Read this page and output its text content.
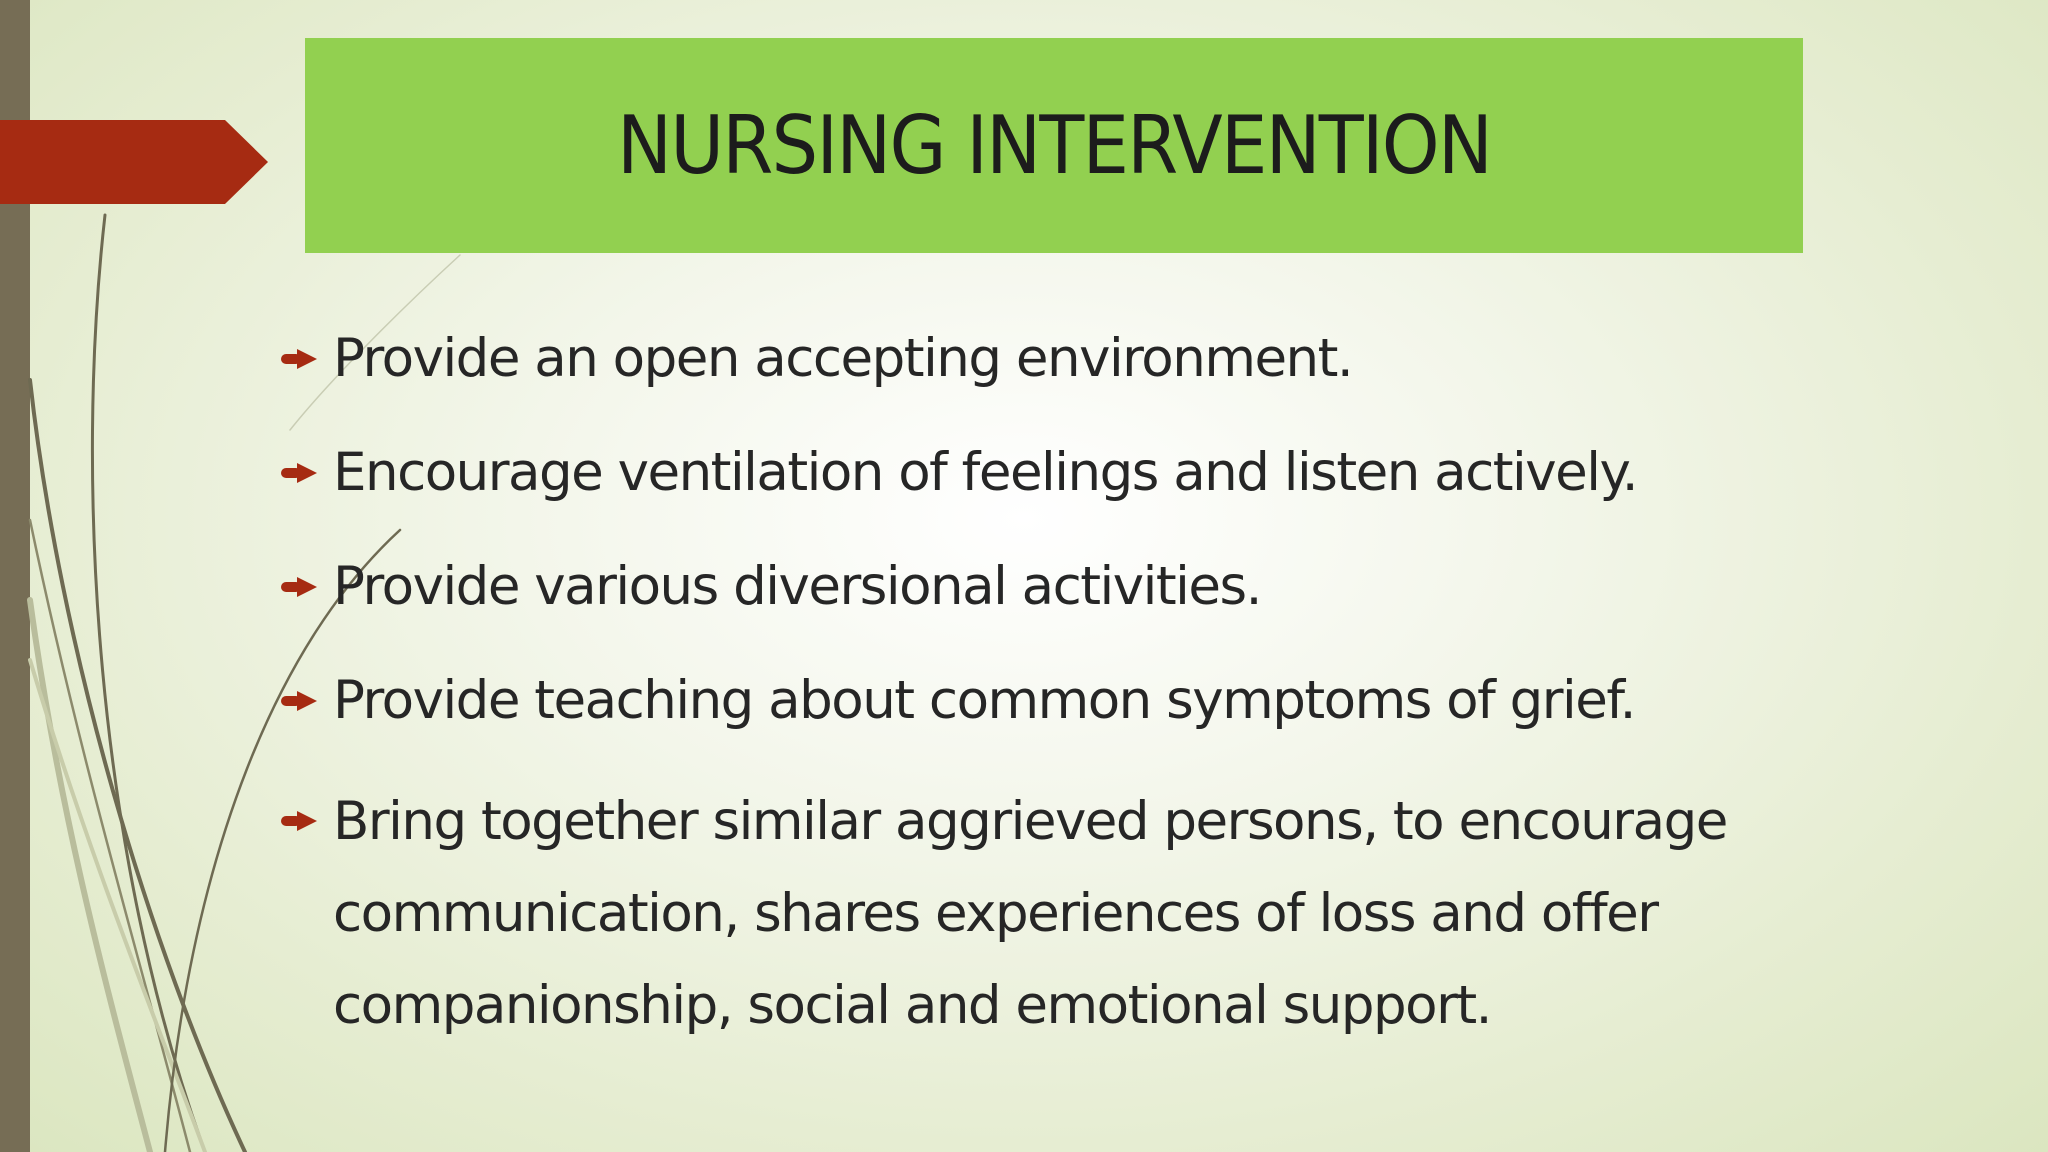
NURSING INTERVENTION
Provide an open accepting environment.
Encourage ventilation of feelings and listen actively.
Provide various diversional activities.
Provide teaching about common symptoms of grief.
Bring together similar aggrieved persons, to encourage communication, shares experiences of loss and offer companionship, social and emotional support.
